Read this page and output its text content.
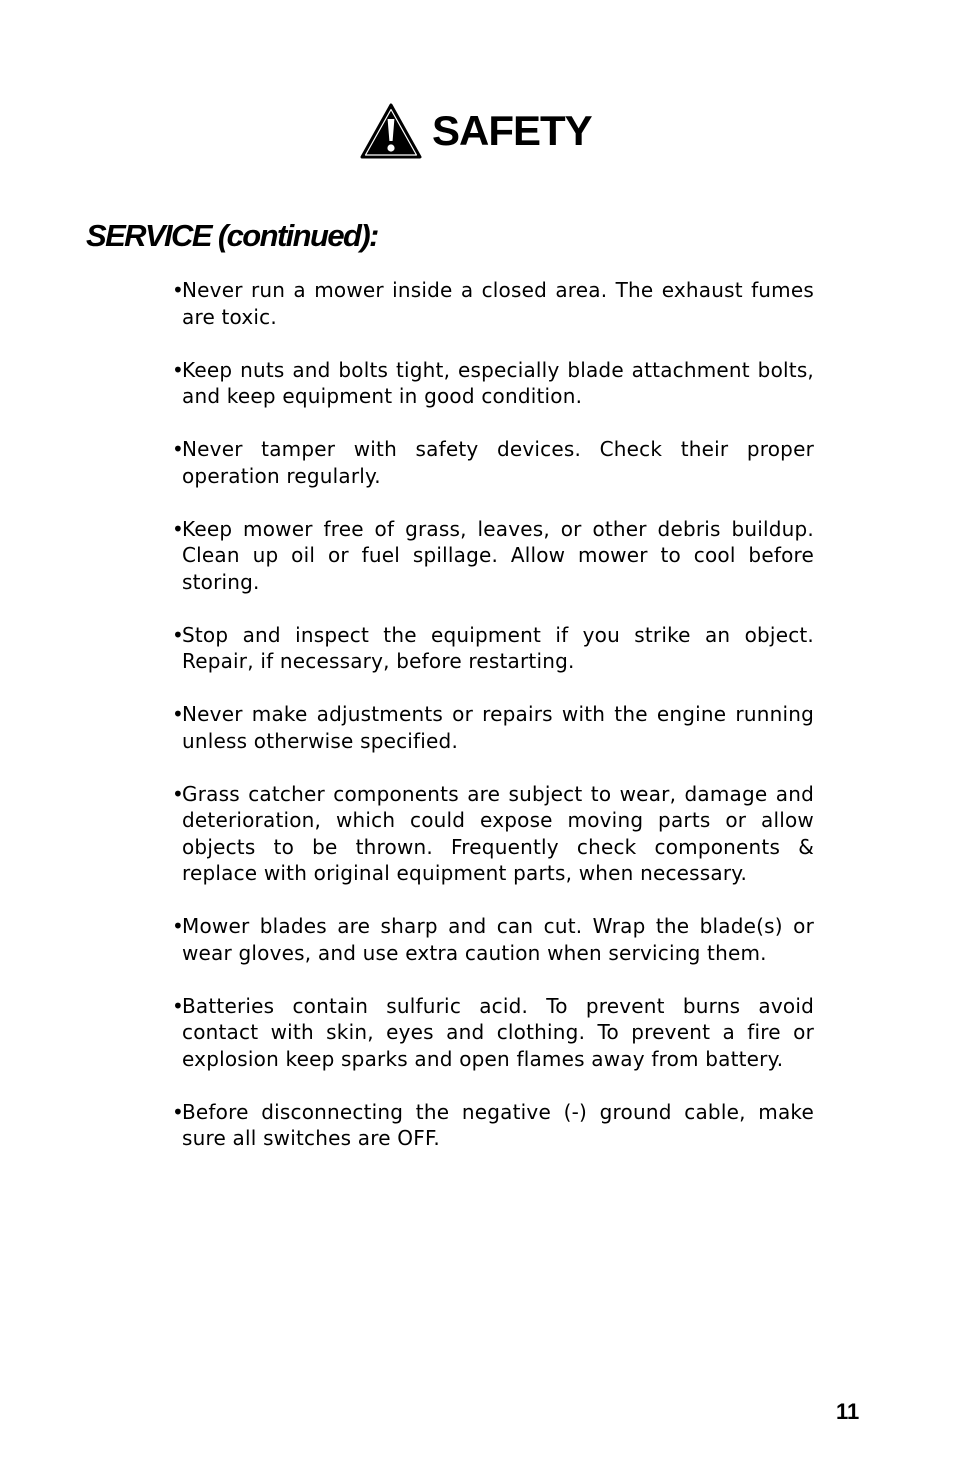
SAFETY
SERVICE (continued):
•
Never run a mower inside a closed area. The exhaust fumes are toxic.
•
Keep nuts and bolts tight, especially blade attachment bolts, and keep equipment in good condition.
•
Never tamper with safety devices. Check their proper operation regularly.
•
Keep mower free of grass, leaves, or other debris buildup. Clean up oil or fuel spillage. Allow mower to cool before storing.
•
Stop and inspect the equipment if you strike an object. Repair, if necessary, before restarting.
•
Never make adjustments or repairs with the engine running unless otherwise specified.
•
Grass catcher components are subject to wear, damage and deterioration, which could expose moving parts or allow objects to be thrown. Frequently check components & replace with original equipment parts, when necessary.
•
Mower blades are sharp and can cut. Wrap the blade(s) or wear gloves, and use extra caution when servicing them.
•
Batteries contain sulfuric acid. To prevent burns avoid contact with skin, eyes and clothing. To prevent a fire or explosion keep sparks and open flames away from battery.
•
Before disconnecting the negative (-) ground cable, make sure all switches are OFF.
11
